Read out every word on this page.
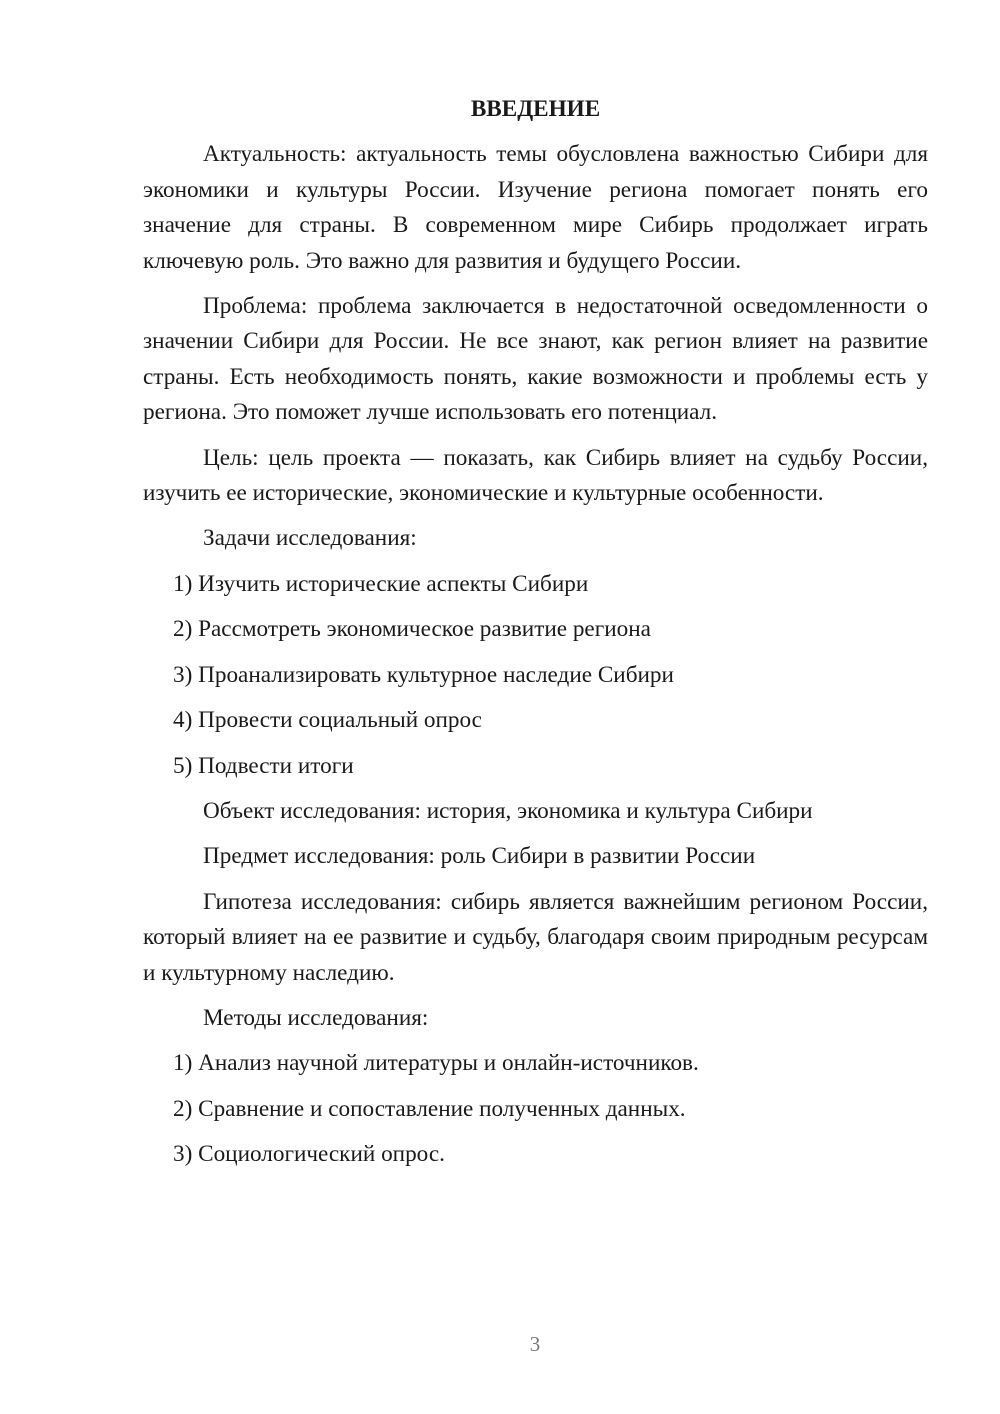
ВВЕДЕНИЕ
Актуальность: актуальность темы обусловлена важностью Сибири для экономики и культуры России. Изучение региона помогает понять его значение для страны. В современном мире Сибирь продолжает играть ключевую роль. Это важно для развития и будущего России.
Проблема: проблема заключается в недостаточной осведомленности о значении Сибири для России. Не все знают, как регион влияет на развитие страны. Есть необходимость понять, какие возможности и проблемы есть у региона. Это поможет лучше использовать его потенциал.
Цель: цель проекта — показать, как Сибирь влияет на судьбу России, изучить ее исторические, экономические и культурные особенности.
Задачи исследования:
1) Изучить исторические аспекты Сибири
2) Рассмотреть экономическое развитие региона
3) Проанализировать культурное наследие Сибири
4) Провести социальный опрос
5) Подвести итоги
Объект исследования: история, экономика и культура Сибири
Предмет исследования: роль Сибири в развитии России
Гипотеза исследования: сибирь является важнейшим регионом России, который влияет на ее развитие и судьбу, благодаря своим природным ресурсам и культурному наследию.
Методы исследования:
1) Анализ научной литературы и онлайн-источников.
2) Сравнение и сопоставление полученных данных.
3) Социологический опрос.
3
